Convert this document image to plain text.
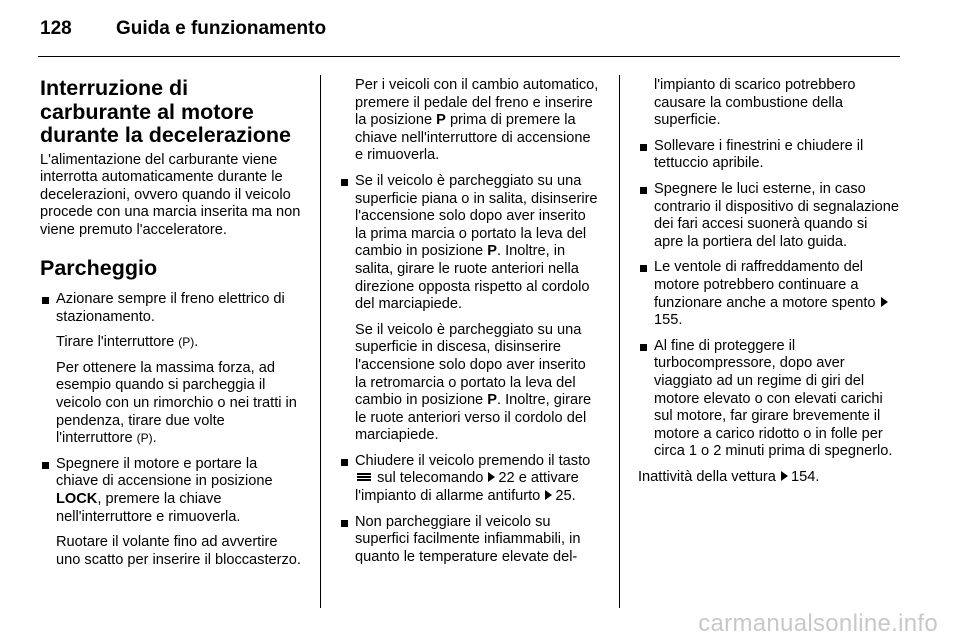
128 Guida e funzionamento
Interruzione di carburante al motore durante la decelerazione

L'alimentazione del carburante viene interrotta automaticamente durante le decelerazioni, ovvero quando il veicolo procede con una marcia inserita ma non viene premuto l'acceleratore.

Parcheggio

Azionare sempre il freno elettrico di stazionamento.

Tirare l'interruttore (P).

Per ottenere la massima forza, ad esempio quando si parcheggia il veicolo con un rimorchio o nei tratti in pendenza, tirare due volte l'interruttore (P).

Spegnere il motore e portare la chiave di accensione in posizione LOCK, premere la chiave nell'interruttore e rimuoverla.

Ruotare il volante fino ad avvertire uno scatto per inserire il bloccasterzo.

Per i veicoli con il cambio automatico, premere il pedale del freno e inserire la posizione P prima di premere la chiave nell'interruttore di accensione e rimuoverla.

Se il veicolo è parcheggiato su una superficie piana o in salita, disinserire l'accensione solo dopo aver inserito la prima marcia o portato la leva del cambio in posizione P. Inoltre, in salita, girare le ruote anteriori nella direzione opposta rispetto al cordolo del marciapiede.

Se il veicolo è parcheggiato su una superficie in discesa, disinserire l'accensione solo dopo aver inserito la retromarcia o portato la leva del cambio in posizione P. Inoltre, girare le ruote anteriori verso il cordolo del marciapiede.

Chiudere il veicolo premendo il tasto  sul telecomando 22 e attivare l'impianto di allarme antifurto 25.

Non parcheggiare il veicolo su superfici facilmente infiammabili, in quanto le temperature elevate del-

l'impianto di scarico potrebbero causare la combustione della superficie.

Sollevare i finestrini e chiudere il tettuccio apribile.

Spegnere le luci esterne, in caso contrario il dispositivo di segnalazione dei fari accesi suonerà quando si apre la portiera del lato guida.

Le ventole di raffreddamento del motore potrebbero continuare a funzionare anche a motore spento 155.

Al fine di proteggere il turbocompressore, dopo aver viaggiato ad un regime di giri del motore elevato o con elevati carichi sul motore, far girare brevemente il motore a carico ridotto o in folle per circa 1 o 2 minuti prima di spegnerlo.

Inattività della vettura 154.

carmanualsonline.info
